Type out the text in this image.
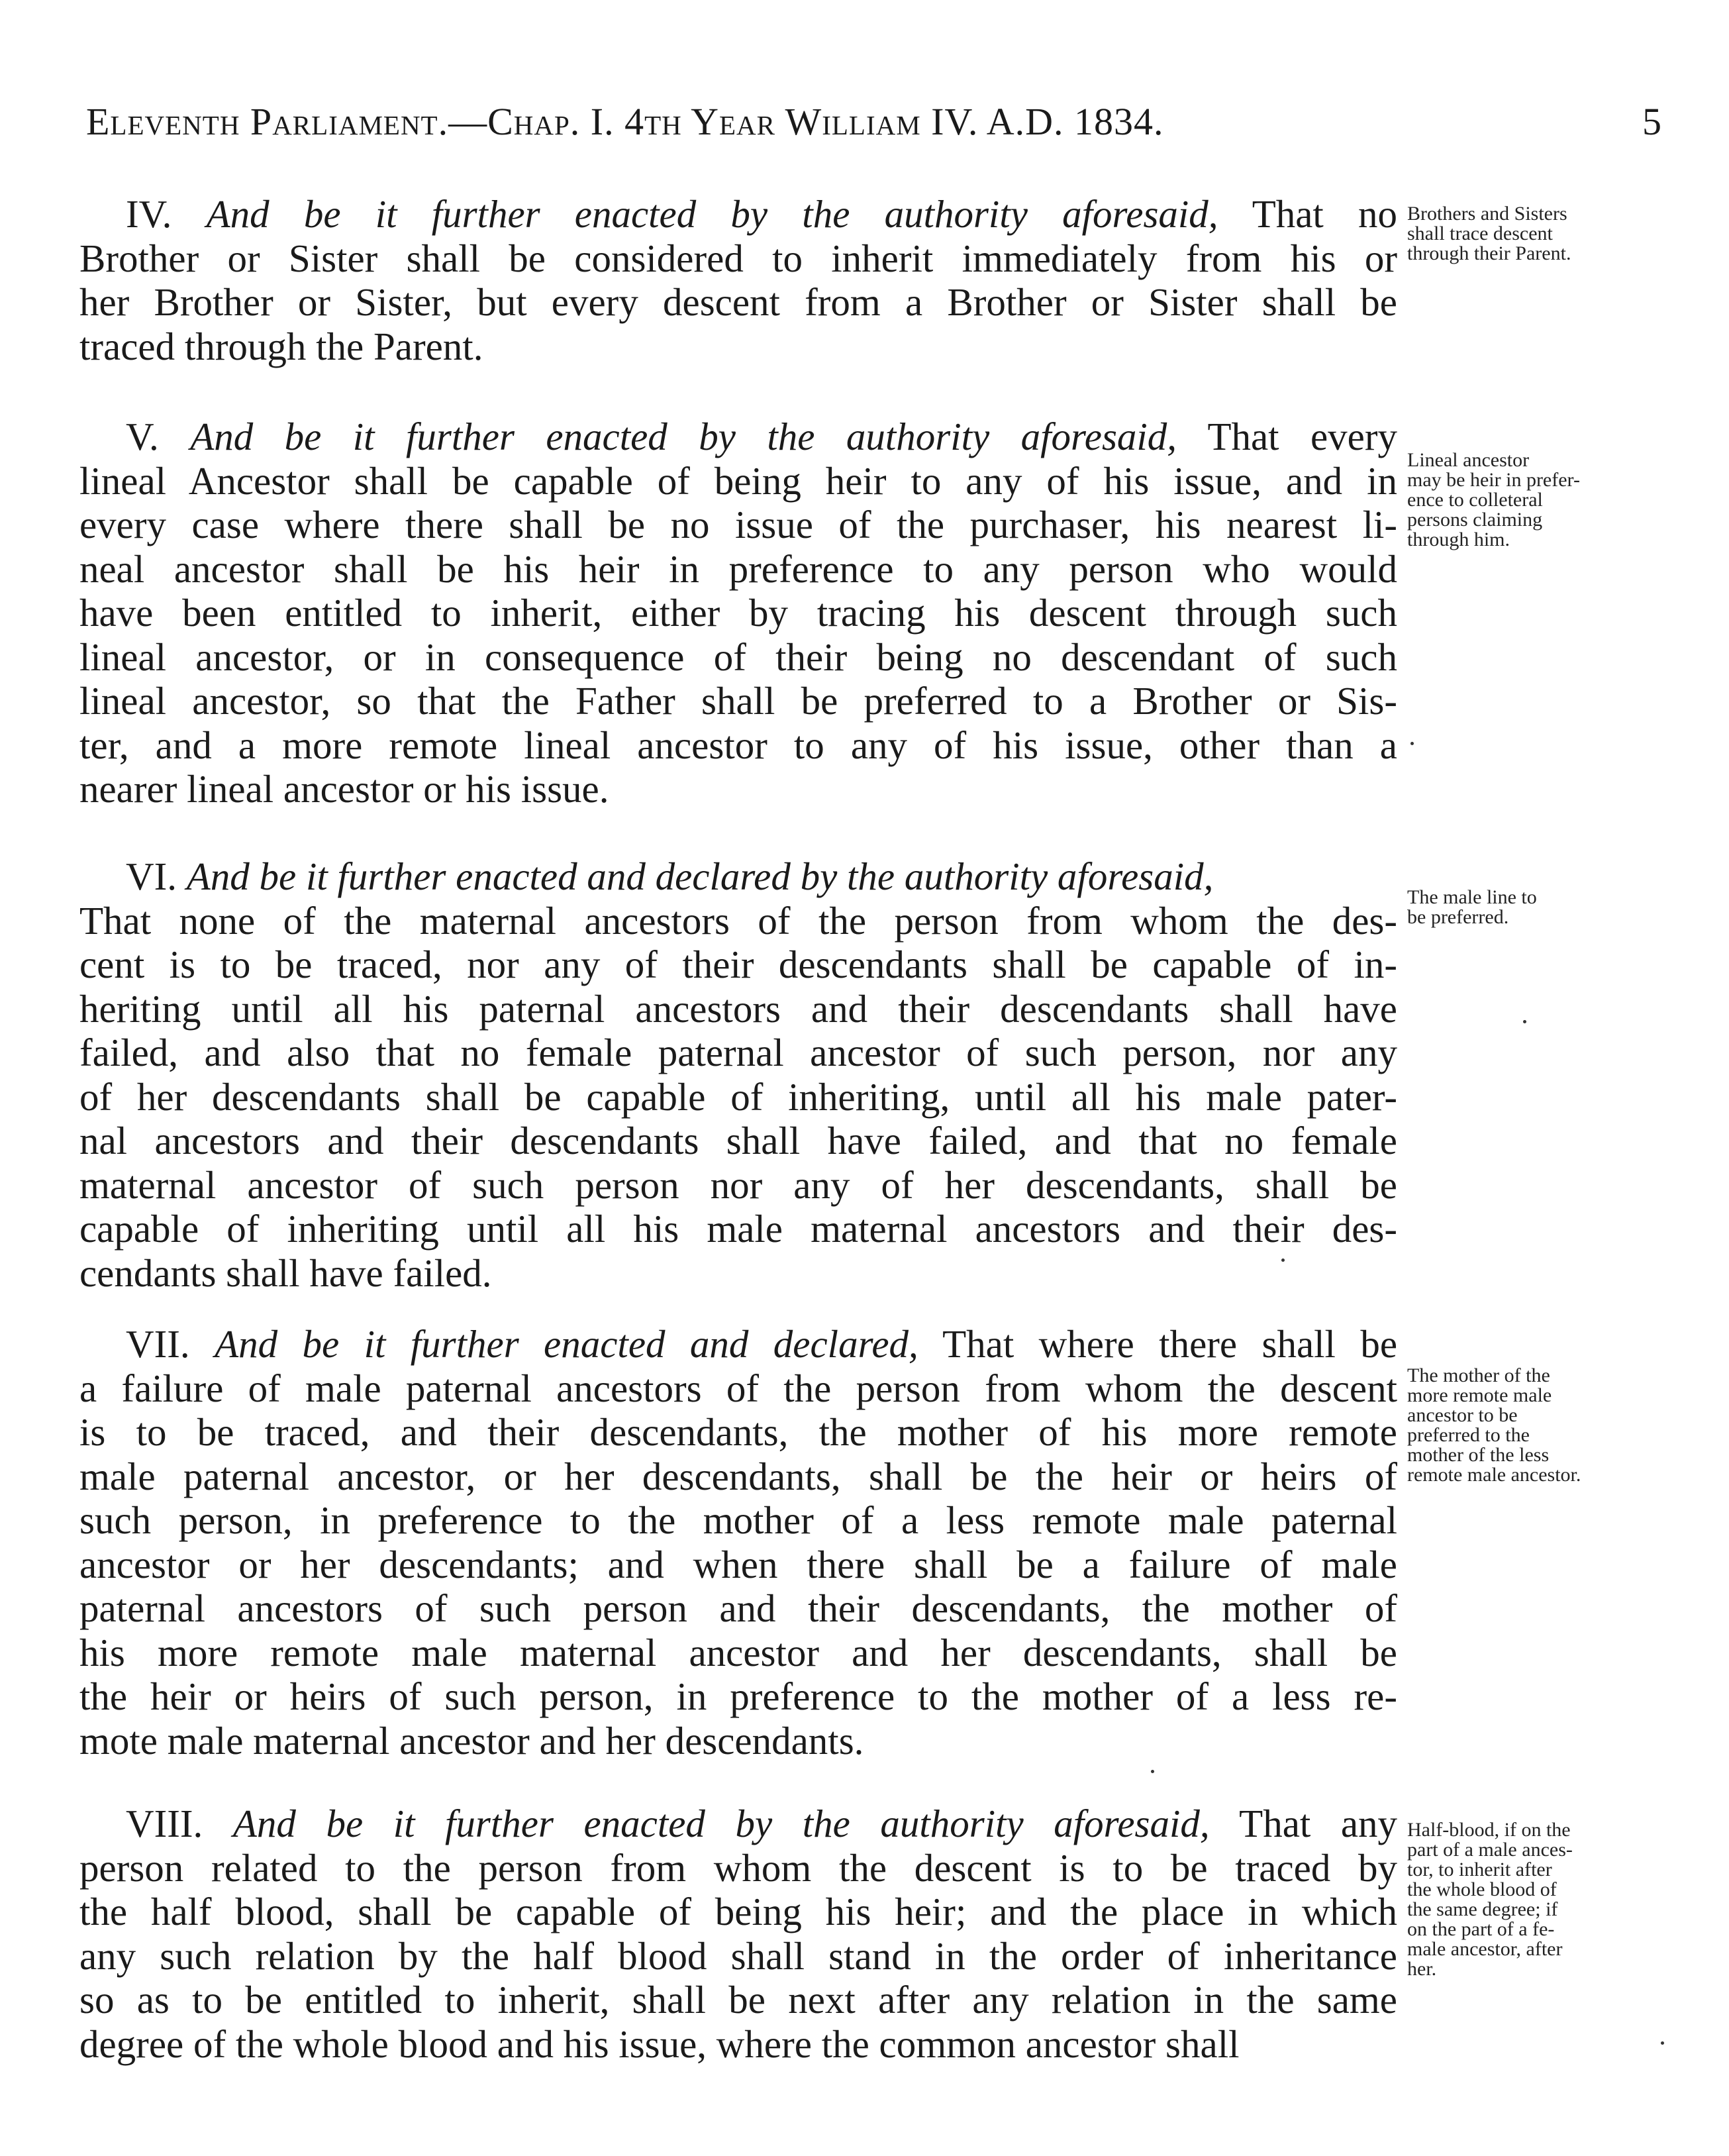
Eleventh Parliament.—Chap. I. 4th Year William IV. A.D. 1834.	5
IV. And be it further enacted by the authority aforesaid, That no
Brother or Sister shall be considered to inherit immediately from his or
her Brother or Sister, but every descent from a Brother or Sister shall be
traced through the Parent.
Brothers and Sisters
shall trace descent
through their Parent.
V. And be it further enacted by the authority aforesaid, That every
lineal Ancestor shall be capable of being heir to any of his issue, and in
every case where there shall be no issue of the purchaser, his nearest li-
neal ancestor shall be his heir in preference to any person who would
have been entitled to inherit, either by tracing his descent through such
lineal ancestor, or in consequence of their being no descendant of such
lineal ancestor, so that the Father shall be preferred to a Brother or Sis-
ter, and a more remote lineal ancestor to any of his issue, other than a
nearer lineal ancestor or his issue.
Lineal ancestor
may be heir in prefer-
ence to colleteral
persons claiming
through him.
VI. And be it further enacted and declared by the authority aforesaid,
That none of the maternal ancestors of the person from whom the des-
cent is to be traced, nor any of their descendants shall be capable of in-
heriting until all his paternal ancestors and their descendants shall have
failed, and also that no female paternal ancestor of such person, nor any
of her descendants shall be capable of inheriting, until all his male pater-
nal ancestors and their descendants shall have failed, and that no female
maternal ancestor of such person nor any of her descendants, shall be
capable of inheriting until all his male maternal ancestors and their des-
cendants shall have failed.
The male line to
be preferred.
VII. And be it further enacted and declared, That where there shall be
a failure of male paternal ancestors of the person from whom the descent
is to be traced, and their descendants, the mother of his more remote
male paternal ancestor, or her descendants, shall be the heir or heirs of
such person, in preference to the mother of a less remote male paternal
ancestor or her descendants; and when there shall be a failure of male
paternal ancestors of such person and their descendants, the mother of
his more remote male maternal ancestor and her descendants, shall be
the heir or heirs of such person, in preference to the mother of a less re-
mote male maternal ancestor and her descendants.
The mother of the
more remote male
ancestor to be
preferred to the
mother of the less
remote male ancestor.
VIII. And be it further enacted by the authority aforesaid, That any
person related to the person from whom the descent is to be traced by
the half blood, shall be capable of being his heir; and the place in which
any such relation by the half blood shall stand in the order of inheritance
so as to be entitled to inherit, shall be next after any relation in the same
degree of the whole blood and his issue, where the common ancestor shall
Half-blood, if on the
part of a male ances-
tor, to inherit after
the whole blood of
the same degree; if
on the part of a fe-
male ancestor, after
her.
